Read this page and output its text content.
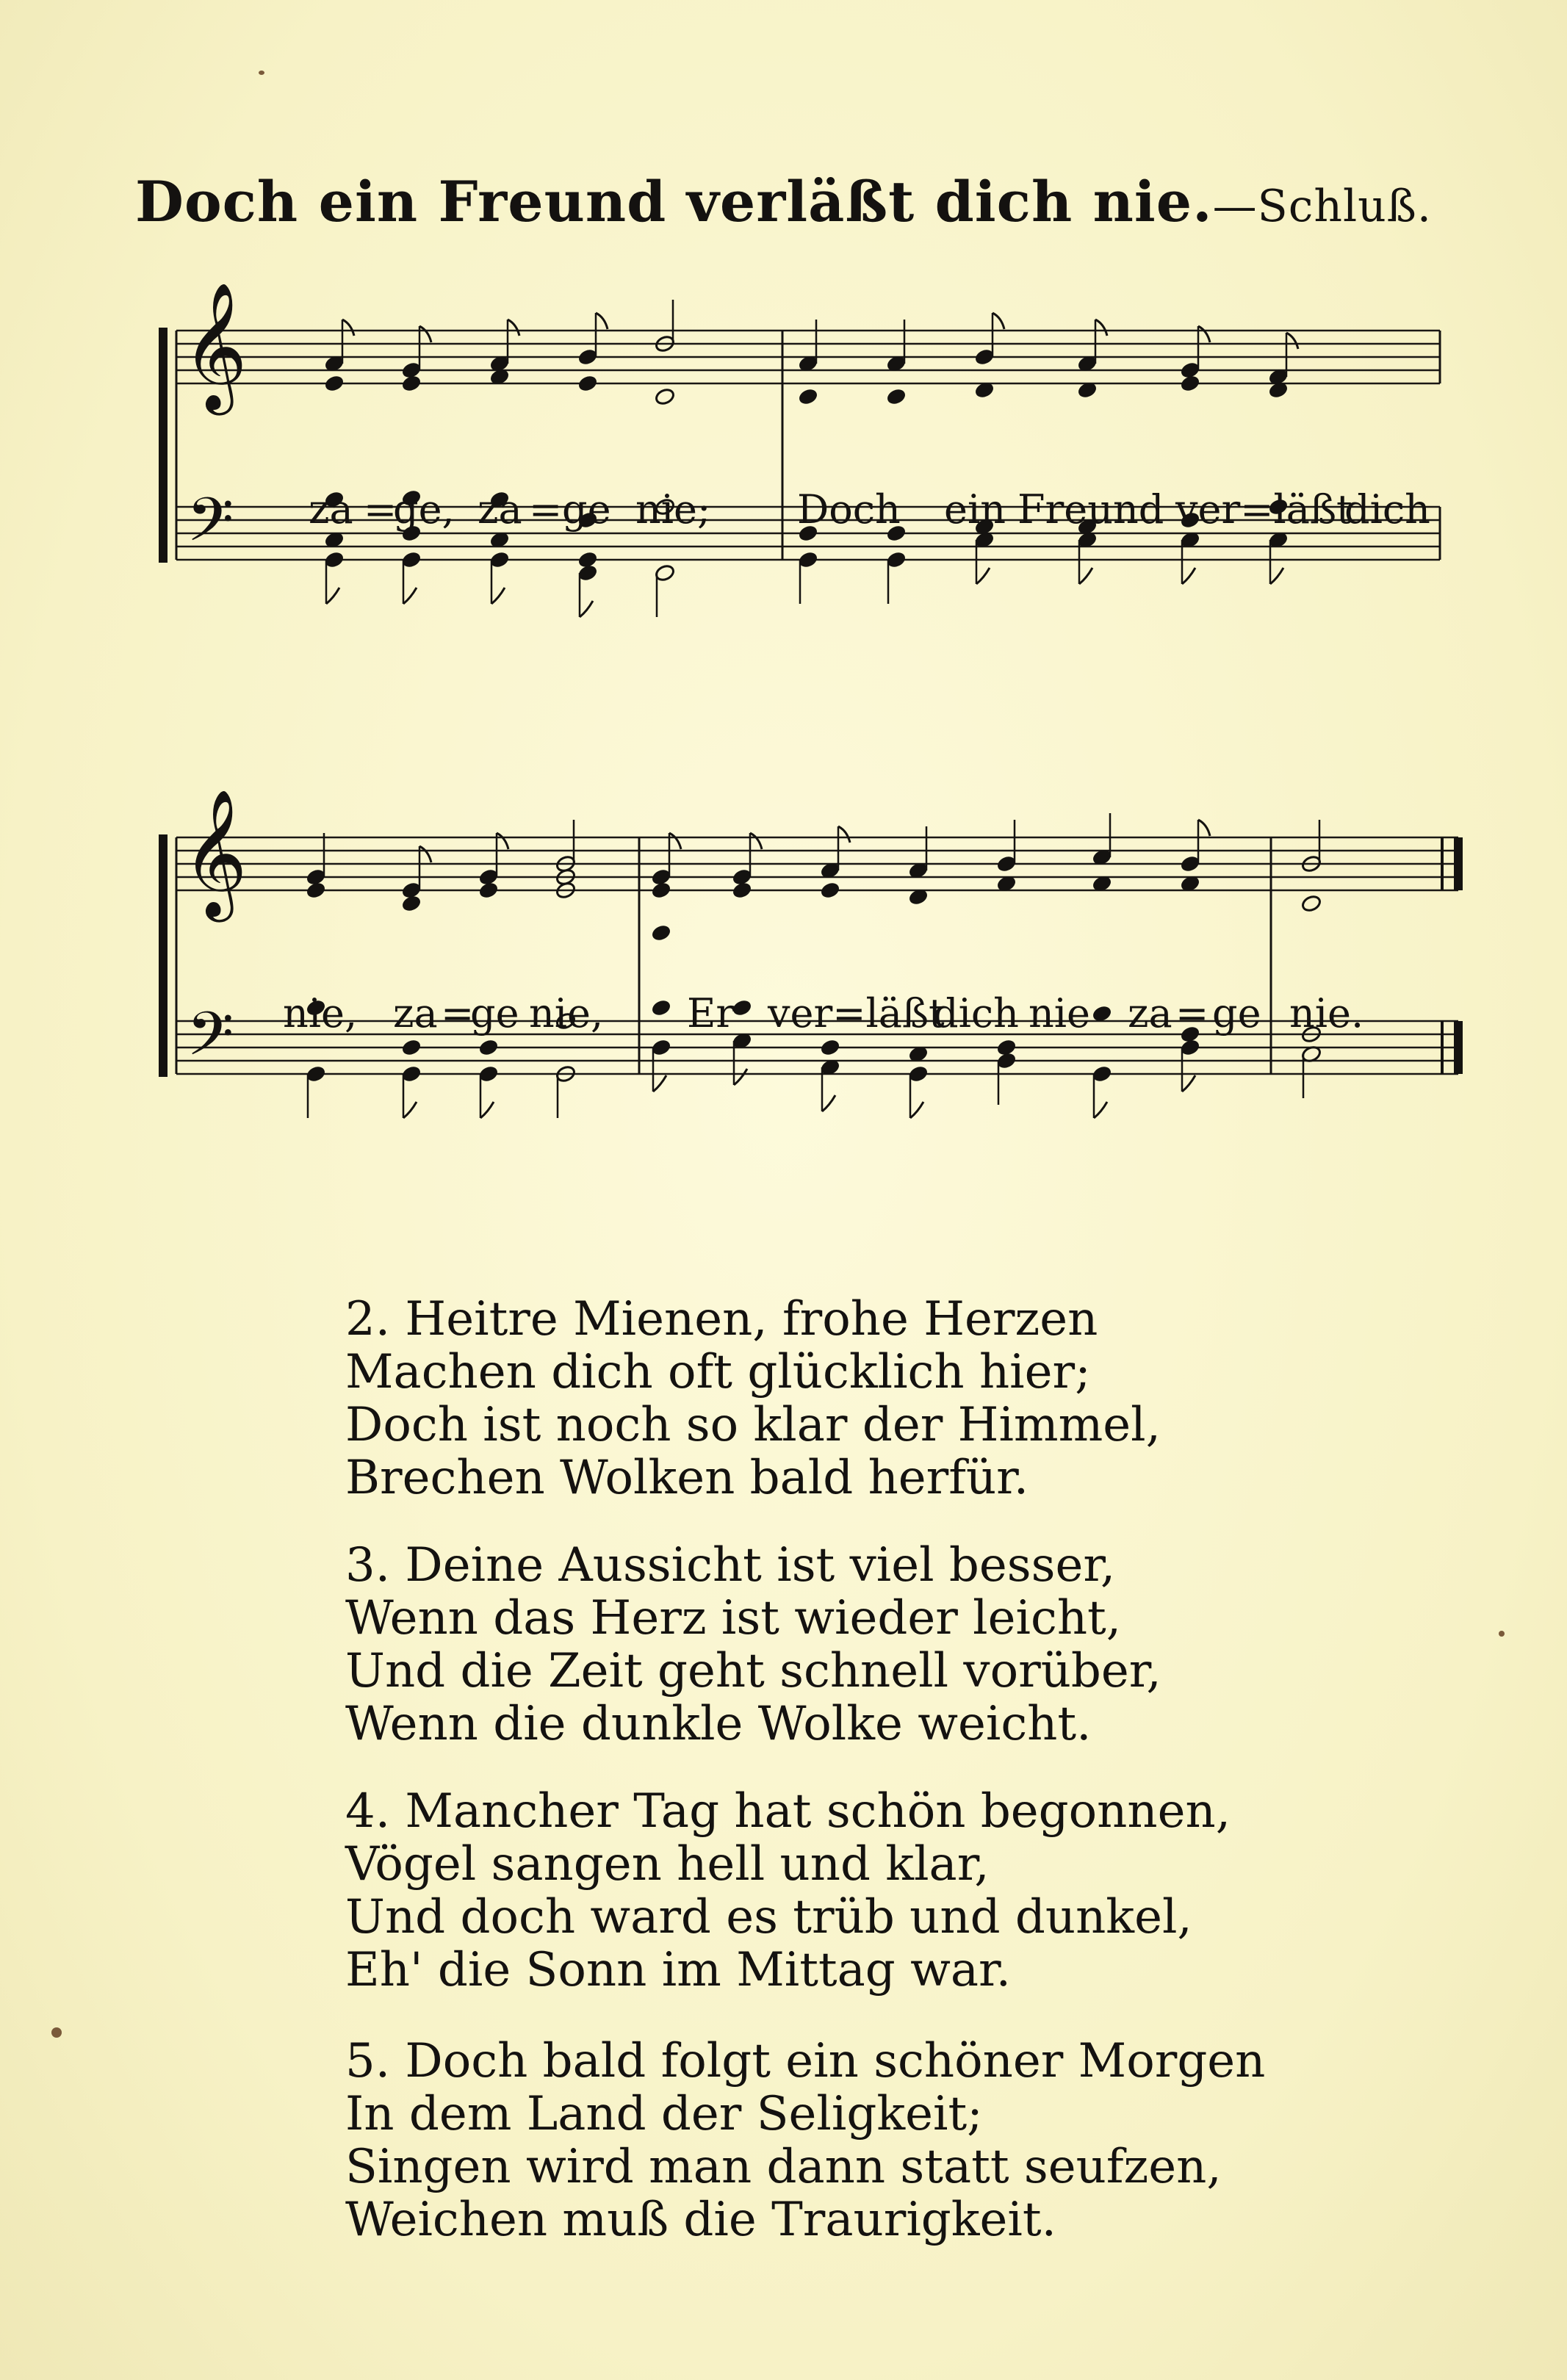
Doch ein Freund verläßt dich nie.—Schluß.
𝄞
𝄢
𝄞
𝄢
za =
ge, za = ge nie; Doch ein Freund ver=läßt
dich
nie, za =
ge nie, Er ver=läßt
dich nie za = ge nie.
2. Heitre Mienen, frohe Herzen
Machen dich oft glücklich hier;
Doch ist noch so klar der Himmel,
Brechen Wolken bald herfür.
3. Deine Aussicht ist viel besser,
Wenn das Herz ist wieder leicht,
Und die Zeit geht schnell vorüber,
Wenn die dunkle Wolke weicht.
4. Mancher Tag hat schön begonnen,
Vögel sangen hell und klar,
Und doch ward es trüb und dunkel,
Eh' die Sonn im Mittag war.
5. Doch bald folgt ein schöner Morgen
In dem Land der Seligkeit;
Singen wird man dann statt seufzen,
Weichen muß die Traurigkeit.
